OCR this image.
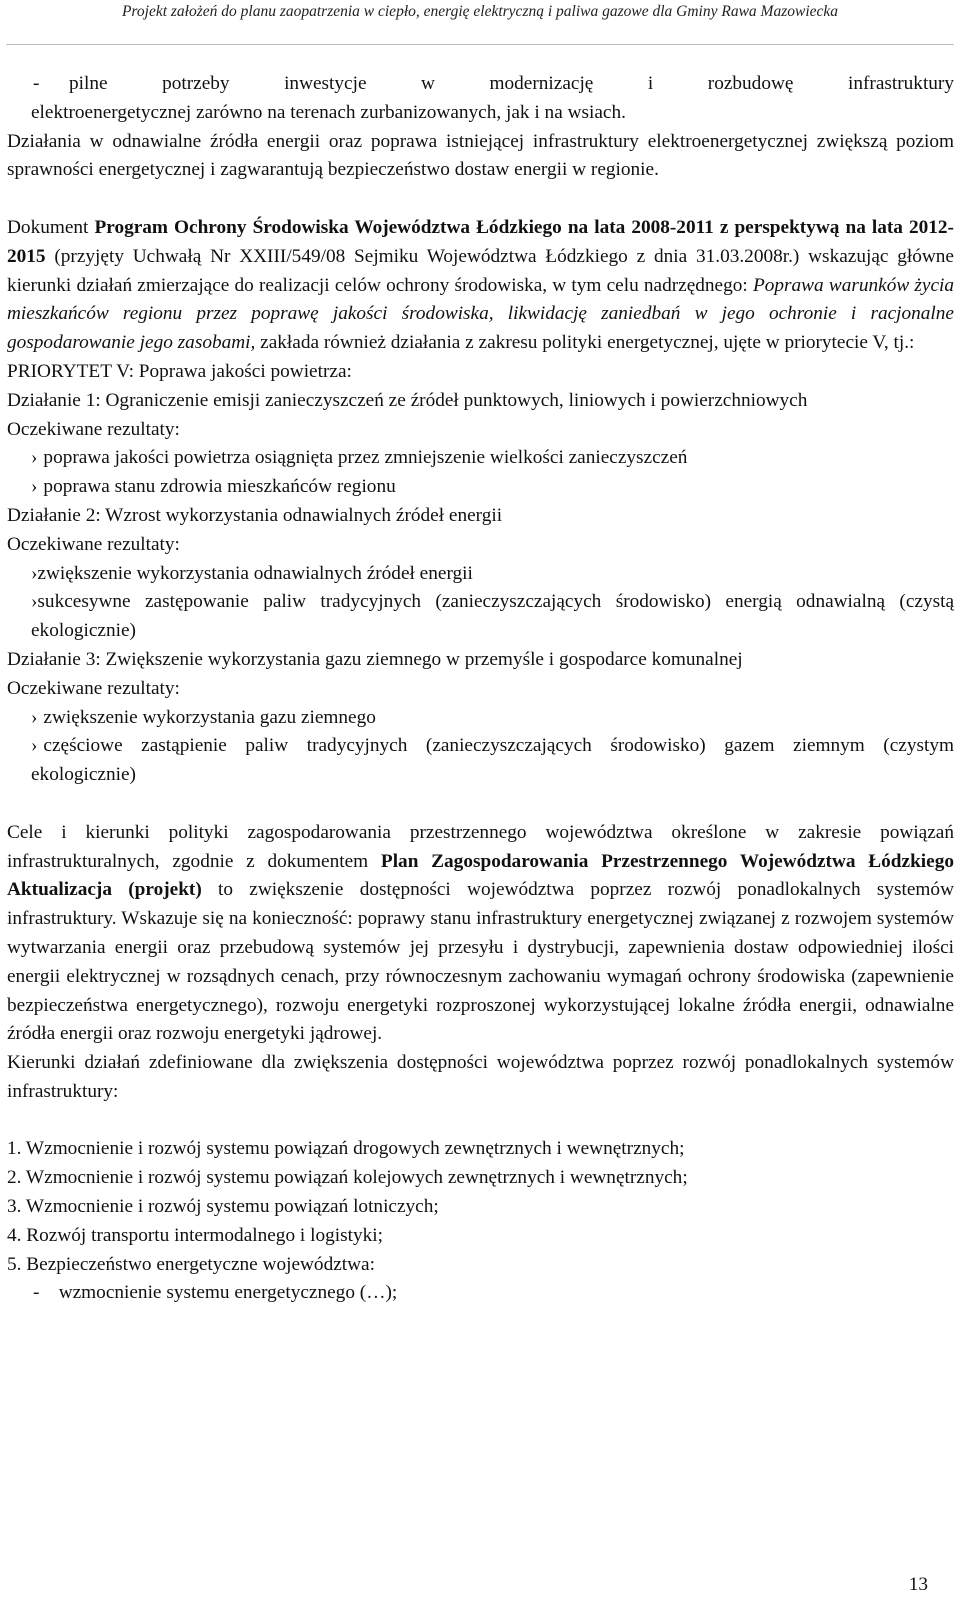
Projekt założeń do planu zaopatrzenia w ciepło, energię elektryczną i paliwa gazowe dla Gminy Rawa Mazowiecka
-	pilne potrzeby inwestycje w modernizację i rozbudowę infrastruktury

elektroenergetycznej zarówno na terenach zurbanizowanych, jak i na wsiach.

Działania w odnawialne źródła energii oraz poprawa istniejącej infrastruktury elektroenergetycznej zwiększą poziom sprawności energetycznej i zagwarantują bezpieczeństwo dostaw energii w regionie.

Dokument Program Ochrony Środowiska Województwa Łódzkiego na lata 2008-2011 z perspektywą na lata 2012-2015 (przyjęty Uchwałą Nr XXIII/549/08 Sejmiku Województwa Łódzkiego z dnia 31.03.2008r.) wskazując główne kierunki działań zmierzające do realizacji celów ochrony środowiska, w tym celu nadrzędnego: Poprawa warunków życia mieszkańców regionu przez poprawę jakości środowiska, likwidację zaniedbań w jego ochronie i racjonalne gospodarowanie jego zasobami, zakłada również działania z zakresu polityki energetycznej, ujęte w priorytecie V, tj.:

PRIORYTET V: Poprawa jakości powietrza:

Działanie 1: Ograniczenie emisji zanieczyszczeń ze źródeł punktowych, liniowych i powierzchniowych

Oczekiwane rezultaty:

› poprawa jakości powietrza osiągnięta przez zmniejszenie wielkości zanieczyszczeń

› poprawa stanu zdrowia mieszkańców regionu

Działanie 2: Wzrost wykorzystania odnawialnych źródeł energii

Oczekiwane rezultaty:

›zwiększenie wykorzystania odnawialnych źródeł energii

›sukcesywne zastępowanie paliw tradycyjnych (zanieczyszczających środowisko) energią odnawialną (czystą ekologicznie)

Działanie 3: Zwiększenie wykorzystania gazu ziemnego w przemyśle i gospodarce komunalnej

Oczekiwane rezultaty:

› zwiększenie wykorzystania gazu ziemnego

› częściowe zastąpienie paliw tradycyjnych (zanieczyszczających środowisko) gazem ziemnym (czystym ekologicznie)

Cele i kierunki polityki zagospodarowania przestrzennego województwa określone w zakresie powiązań infrastrukturalnych, zgodnie z dokumentem Plan Zagospodarowania Przestrzennego Województwa Łódzkiego Aktualizacja (projekt) to zwiększenie dostępności województwa poprzez rozwój ponadlokalnych systemów infrastruktury. Wskazuje się na konieczność: poprawy stanu infrastruktury energetycznej związanej z rozwojem systemów wytwarzania energii oraz przebudową systemów jej przesyłu i dystrybucji, zapewnienia dostaw odpowiedniej ilości energii elektrycznej w rozsądnych cenach, przy równoczesnym zachowaniu wymagań ochrony środowiska (zapewnienie bezpieczeństwa energetycznego), rozwoju energetyki rozproszonej wykorzystującej lokalne źródła energii, odnawialne źródła energii oraz rozwoju energetyki jądrowej.

Kierunki działań zdefiniowane dla zwiększenia dostępności województwa poprzez rozwój ponadlokalnych systemów infrastruktury:

1. Wzmocnienie i rozwój systemu powiązań drogowych zewnętrznych i wewnętrznych;

2. Wzmocnienie i rozwój systemu powiązań kolejowych zewnętrznych i wewnętrznych;

3. Wzmocnienie i rozwój systemu powiązań lotniczych;

4. Rozwój transportu intermodalnego i logistyki;

5. Bezpieczeństwo energetyczne województwa:

- wzmocnienie systemu energetycznego (…);

13
